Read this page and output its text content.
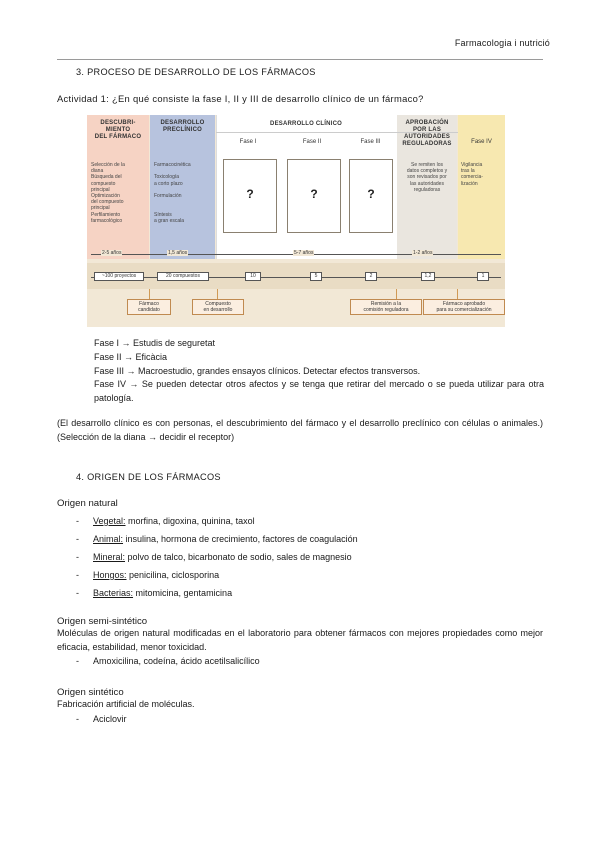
Farmacologia i nutrició
3. PROCESO DE DESARROLLO DE LOS FÁRMACOS
Actividad 1: ¿En qué consiste la fase I, II y III de desarrollo clínico de un fármaco?
DESCUBRI-
MIENTO
DEL FÁRMACO
DESARROLLO
PRECLÍNICO
DESARROLLO CLÍNICO	APROBACIÓN
POR LAS
AUTORIDADES
REGULADORAS
Fase I	Fase II	Fase III	Fase IV
?	?	?
Selección de la
diana
Búsqueda del
compuesto
principal
Optimización
del compuesto
principal
Perfilamiento
farmacológico
Farmacocinética

Toxicología
a corto plazo

Formulación

Síntesis
a gran escala
Se remiten los
datos completos y
son revisados por
las autoridades
reguladoras
Vigilancia
tras la
comercia-
lización
2-5 años	1,5 años	5-7 años	1-2 años
~100 proyectos	20 compuestos	10	5	2	1,2	1
Fármaco
candidato
Compuesto
en desarrollo
Remisión a la
comisión reguladora
Fármaco aprobado
para su comercialización
Fase I → Estudis de seguretat
Fase II → Eficàcia
Fase III → Macroestudio, grandes ensayos clínicos. Detectar efectos transversos.
Fase IV → Se pueden detectar otros afectos y se tenga que retirar del mercado o se pueda utilizar para otra patología.
(El desarrollo clínico es con personas, el descubrimiento del fármaco y el desarrollo preclínico con células o animales.) (Selección de la diana → decidir el receptor)
4. ORIGEN DE LOS FÁRMACOS
Origen natural
- Vegetal: morfina, digoxina, quinina, taxol
- Animal: insulina, hormona de crecimiento, factores de coagulación
- Mineral: polvo de talco, bicarbonato de sodio, sales de magnesio
- Hongos: penicilina, ciclosporina
- Bacterias: mitomicina, gentamicina
Origen semi-sintético
Moléculas de origen natural modificadas en el laboratorio para obtener fármacos con mejores propiedades como mejor eficacia, estabilidad, menor toxicidad.
- Amoxicilina, codeína, ácido acetilsalicílico
Origen sintético
Fabricación artificial de moléculas.
- Aciclovir
